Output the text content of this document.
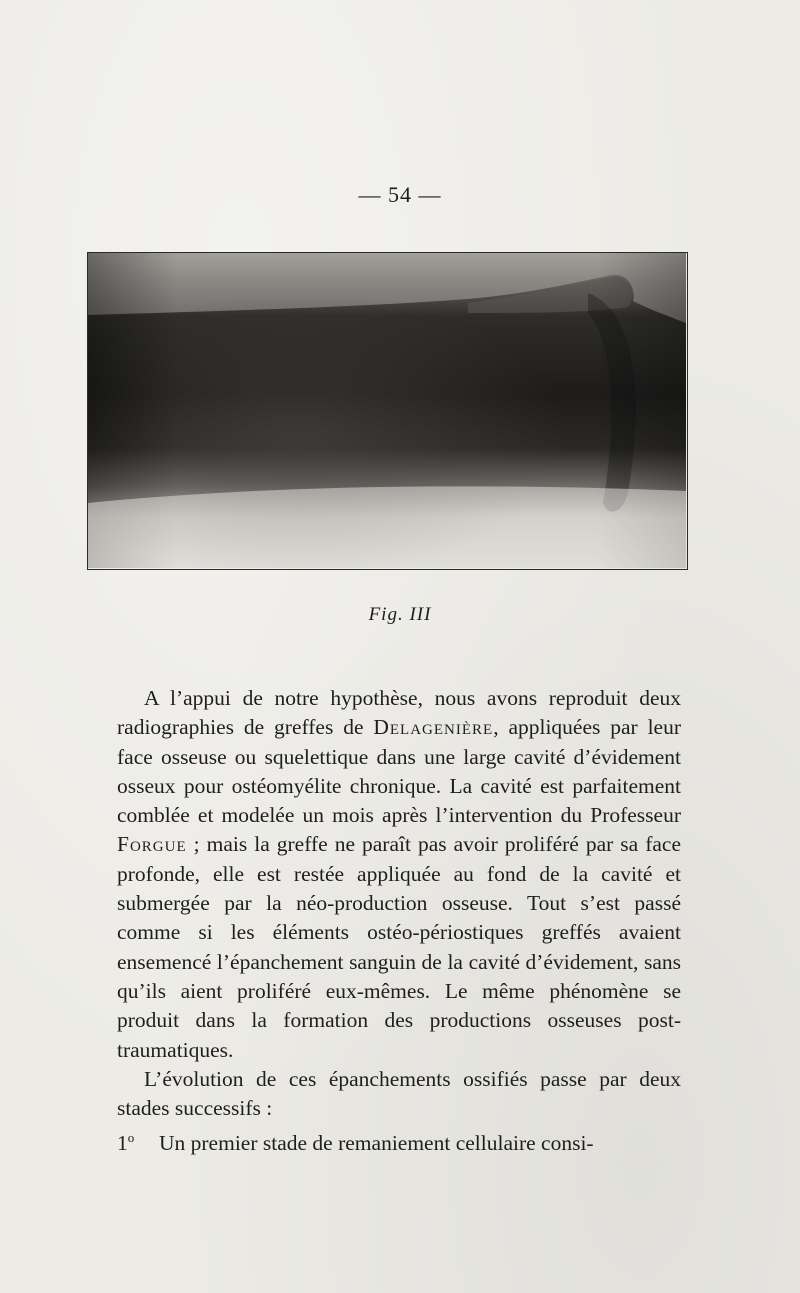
— 54 —
Fig. III

A l’appui de notre hypothèse, nous avons reproduit deux radiographies de greffes de Delagenière, appliquées par leur face osseuse ou squelettique dans une large cavité d’évidement osseux pour ostéomyélite chronique. La cavité est parfaitement comblée et modelée un mois après l’intervention du Professeur Forgue ; mais la greffe ne paraît pas avoir proliféré par sa face profonde, elle est restée appliquée au fond de la cavité et submergée par la néo-production osseuse. Tout s’est passé comme si les éléments ostéo-périostiques greffés avaient ensemencé l’épanchement sanguin de la cavité d’évidement, sans qu’ils aient proliféré eux-mêmes. Le même phénomène se produit dans la formation des productions osseuses post-traumatiques.

L’évolution de ces épanchements ossifiés passe par deux stades successifs :

1$^o$ Un premier stade de remaniement cellulaire consi-
